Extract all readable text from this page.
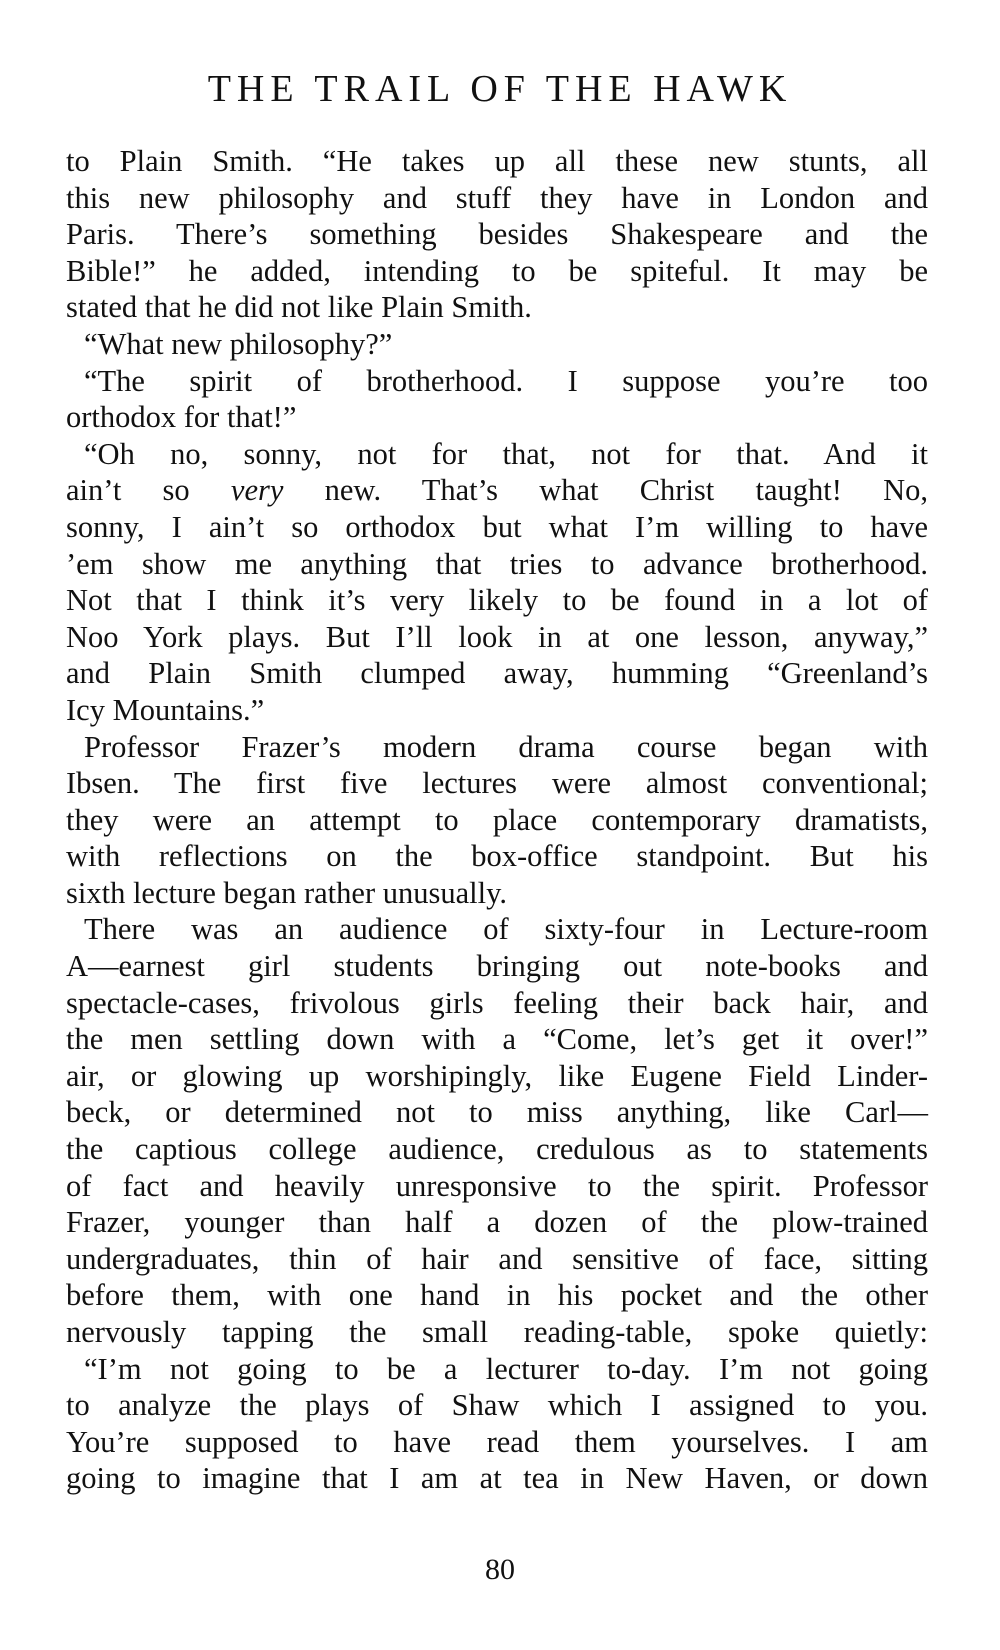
THE TRAIL OF THE HAWK
to Plain Smith. “He takes up all these new stunts, all
this new philosophy and stuff they have in London and
Paris. There’s something besides Shakespeare and the
Bible!” he added, intending to be spiteful. It may be
stated that he did not like Plain Smith.
“What new philosophy?”
“The spirit of brotherhood. I suppose you’re too
orthodox for that!”
“Oh no, sonny, not for that, not for that. And it
ain’t so very new. That’s what Christ taught! No,
sonny, I ain’t so orthodox but what I’m willing to have
’em show me anything that tries to advance brotherhood.
Not that I think it’s very likely to be found in a lot of
Noo York plays. But I’ll look in at one lesson, anyway,”
and Plain Smith clumped away, humming “Greenland’s
Icy Mountains.”
Professor Frazer’s modern drama course began with
Ibsen. The first five lectures were almost conventional;
they were an attempt to place contemporary dramatists,
with reflections on the box-office standpoint. But his
sixth lecture began rather unusually.
There was an audience of sixty-four in Lecture-room
A—earnest girl students bringing out note-books and
spectacle-cases, frivolous girls feeling their back hair, and
the men settling down with a “Come, let’s get it over!”
air, or glowing up worshipingly, like Eugene Field Linder-
beck, or determined not to miss anything, like Carl—
the captious college audience, credulous as to statements
of fact and heavily unresponsive to the spirit. Professor
Frazer, younger than half a dozen of the plow-trained
undergraduates, thin of hair and sensitive of face, sitting
before them, with one hand in his pocket and the other
nervously tapping the small reading-table, spoke quietly:
“I’m not going to be a lecturer to-day. I’m not going
to analyze the plays of Shaw which I assigned to you.
You’re supposed to have read them yourselves. I am
going to imagine that I am at tea in New Haven, or down
80
